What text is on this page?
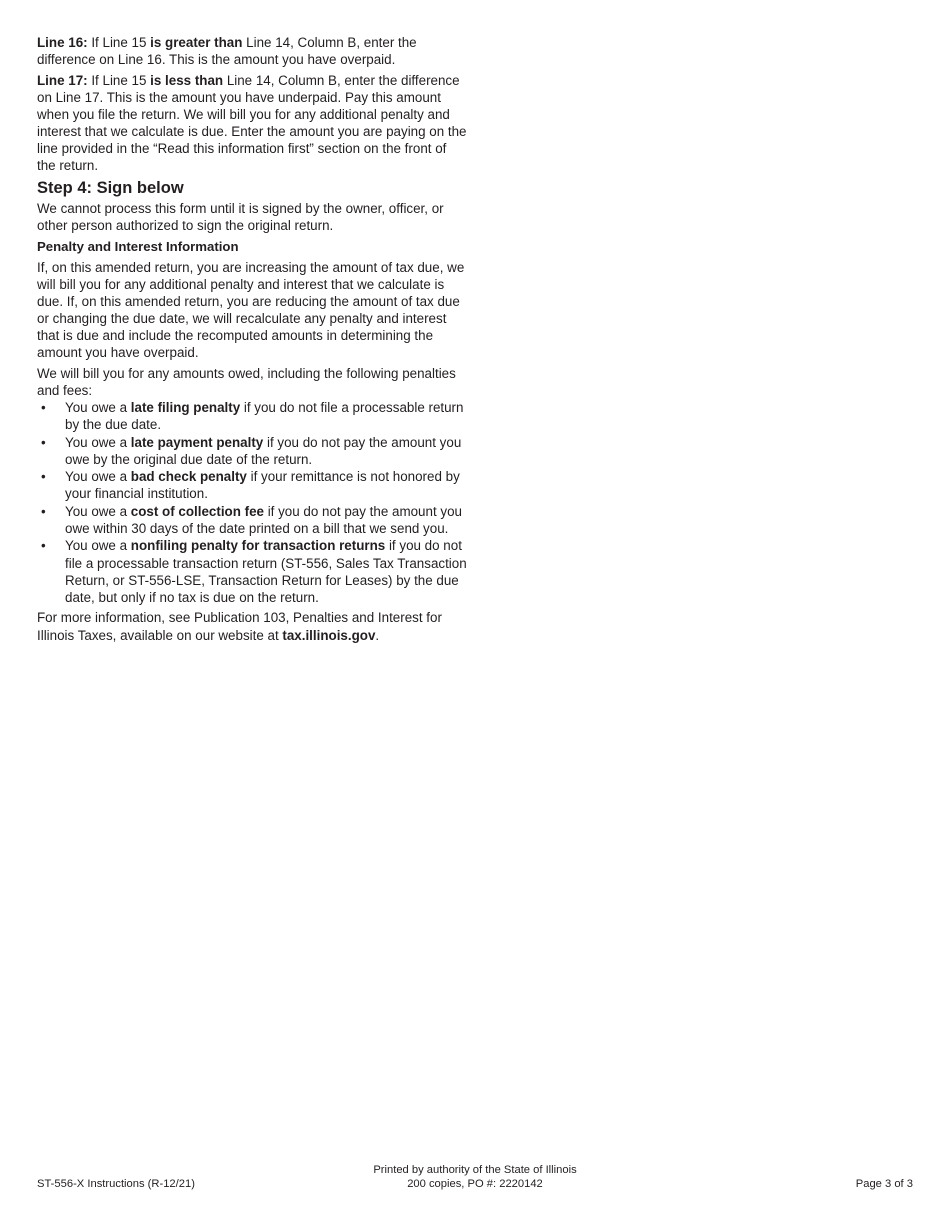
Line 16: If Line 15 is greater than Line 14, Column B, enter the difference on Line 16. This is the amount you have overpaid.

Line 17: If Line 15 is less than Line 14, Column B, enter the difference on Line 17. This is the amount you have underpaid. Pay this amount when you file the return. We will bill you for any additional penalty and interest that we calculate is due. Enter the amount you are paying on the line provided in the “Read this information first” section on the front of the return.

Step 4: Sign below

We cannot process this form until it is signed by the owner, officer, or other person authorized to sign the original return.

Penalty and Interest Information

If, on this amended return, you are increasing the amount of tax due, we will bill you for any additional penalty and interest that we calculate is due. If, on this amended return, you are reducing the amount of tax due or changing the due date, we will recalculate any penalty and interest that is due and include the recomputed amounts in determining the amount you have overpaid.

We will bill you for any amounts owed, including the following penalties and fees:

• You owe a late filing penalty if you do not file a processable return by the due date.
• You owe a late payment penalty if you do not pay the amount you owe by the original due date of the return.
• You owe a bad check penalty if your remittance is not honored by your financial institution.
• You owe a cost of collection fee if you do not pay the amount you owe within 30 days of the date printed on a bill that we send you.
• You owe a nonfiling penalty for transaction returns if you do not file a processable transaction return (ST-556, Sales Tax Transaction Return, or ST-556-LSE, Transaction Return for Leases) by the due date, but only if no tax is due on the return.

For more information, see Publication 103, Penalties and Interest for Illinois Taxes, available on our website at tax.illinois.gov.

ST-556-X Instructions (R-12/21)
Printed by authority of the State of Illinois
200 copies, PO #: 2220142	Page 3 of 3
